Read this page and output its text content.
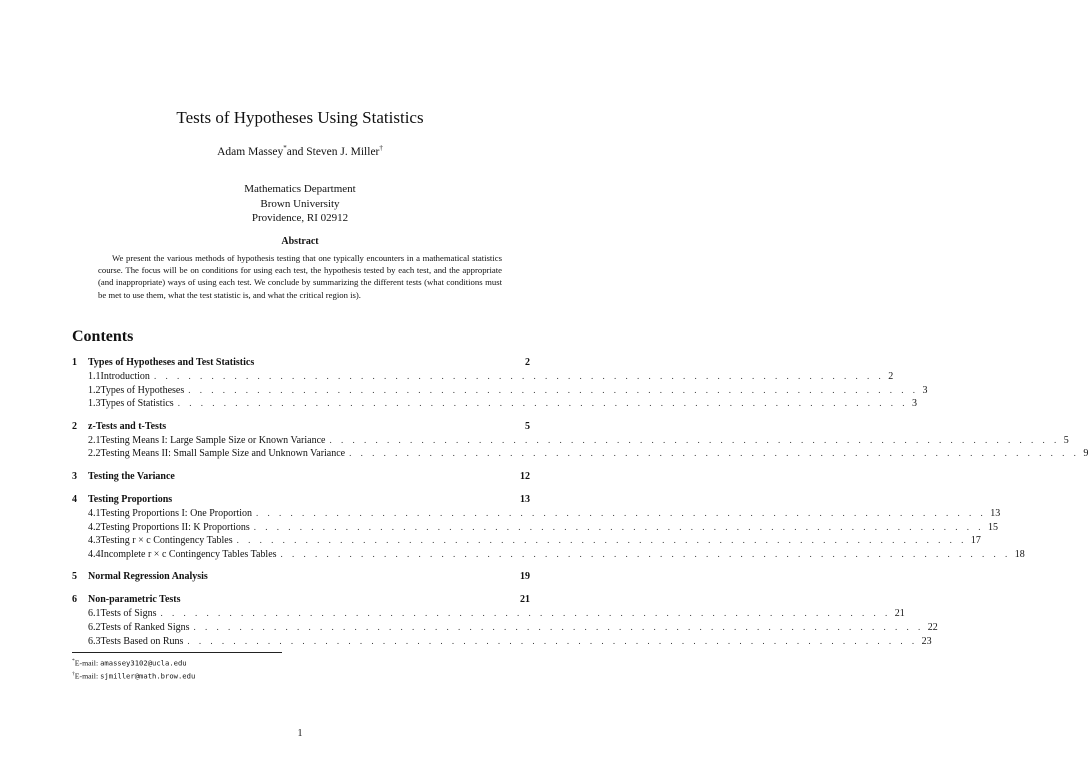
Tests of Hypotheses Using Statistics
Adam Massey*and Steven J. Miller†
Mathematics Department
Brown University
Providence, RI 02912
Abstract
We present the various methods of hypothesis testing that one typically encounters in a mathematical statistics course. The focus will be on conditions for using each test, the hypothesis tested by each test, and the appropriate (and inappropriate) ways of using each test. We conclude by summarizing the different tests (what conditions must be met to use them, what the test statistic is, and what the critical region is).
Contents
1	Types of Hypotheses and Test Statistics	2
1.1 Introduction . . . . . . . . . . . . . . . . . . . . . . . . . . . . . . . . . . . . . . . . . . . . . . . . . . . . . . . . . . . . . . . . 2
1.2 Types of Hypotheses . . . . . . . . . . . . . . . . . . . . . . . . . . . . . . . . . . . . . . . . . . . . . . . . . . . . . . . . . . . . . . . . 3
1.3 Types of Statistics . . . . . . . . . . . . . . . . . . . . . . . . . . . . . . . . . . . . . . . . . . . . . . . . . . . . . . . . . . . . . . . . 3
2	z-Tests and t-Tests	5
2.1 Testing Means I: Large Sample Size or Known Variance . . . . . . . . . . . . . . . . . . . . . . . . . . . . . . . . . . . . . . . . . . . . . . . . . . . . . . . . . . . . . . . . 5
2.2 Testing Means II: Small Sample Size and Unknown Variance . . . . . . . . . . . . . . . . . . . . . . . . . . . . . . . . . . . . . . . . . . . . . . . . . . . . . . . . . . . . . . . . 9
3	Testing the Variance	12
4	Testing Proportions	13
4.1 Testing Proportions I: One Proportion . . . . . . . . . . . . . . . . . . . . . . . . . . . . . . . . . . . . . . . . . . . . . . . . . . . . . . . . . . . . . . . . 13
4.2 Testing Proportions II: K Proportions . . . . . . . . . . . . . . . . . . . . . . . . . . . . . . . . . . . . . . . . . . . . . . . . . . . . . . . . . . . . . . . . 15
4.3 Testing r × c Contingency Tables . . . . . . . . . . . . . . . . . . . . . . . . . . . . . . . . . . . . . . . . . . . . . . . . . . . . . . . . . . . . . . . . 17
4.4 Incomplete r × c Contingency Tables Tables . . . . . . . . . . . . . . . . . . . . . . . . . . . . . . . . . . . . . . . . . . . . . . . . . . . . . . . . . . . . . . . . 18
5	Normal Regression Analysis	19
6	Non-parametric Tests	21
6.1 Tests of Signs . . . . . . . . . . . . . . . . . . . . . . . . . . . . . . . . . . . . . . . . . . . . . . . . . . . . . . . . . . . . . . . . 21
6.2 Tests of Ranked Signs . . . . . . . . . . . . . . . . . . . . . . . . . . . . . . . . . . . . . . . . . . . . . . . . . . . . . . . . . . . . . . . . 22
6.3 Tests Based on Runs . . . . . . . . . . . . . . . . . . . . . . . . . . . . . . . . . . . . . . . . . . . . . . . . . . . . . . . . . . . . . . . . 23
*E-mail: amassey3102@ucla.edu
†E-mail: sjmiller@math.brow.edu
1
